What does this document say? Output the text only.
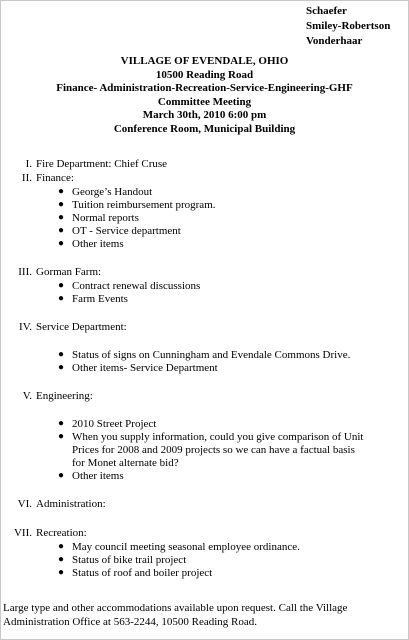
Schaefer
Smiley-Robertson
Vonderhaar
VILLAGE OF EVENDALE, OHIO
10500 Reading Road
Finance- Administration-Recreation-Service-Engineering-GHF
Committee Meeting
March 30th, 2010 6:00 pm
Conference Room, Municipal Building
I. Fire Department: Chief Cruse
II. Finance:
● George’s Handout
● Tuition reimbursement program.
● Normal reports
● OT - Service department
● Other items
III. Gorman Farm:
● Contract renewal discussions
● Farm Events
IV. Service Department:
● Status of signs on Cunningham and Evendale Commons Drive.
● Other items- Service Department
V. Engineering:
● 2010 Street Project
● When you supply information, could you give comparison of Unit Prices for 2008 and 2009 projects so we can have a factual basis for Monet alternate bid?
● Other items
VI. Administration:
VII. Recreation:
● May council meeting seasonal employee ordinance.
● Status of bike trail project
● Status of roof and boiler project
Large type and other accommodations available upon request. Call the Village Administration Office at 563-2244, 10500 Reading Road.
